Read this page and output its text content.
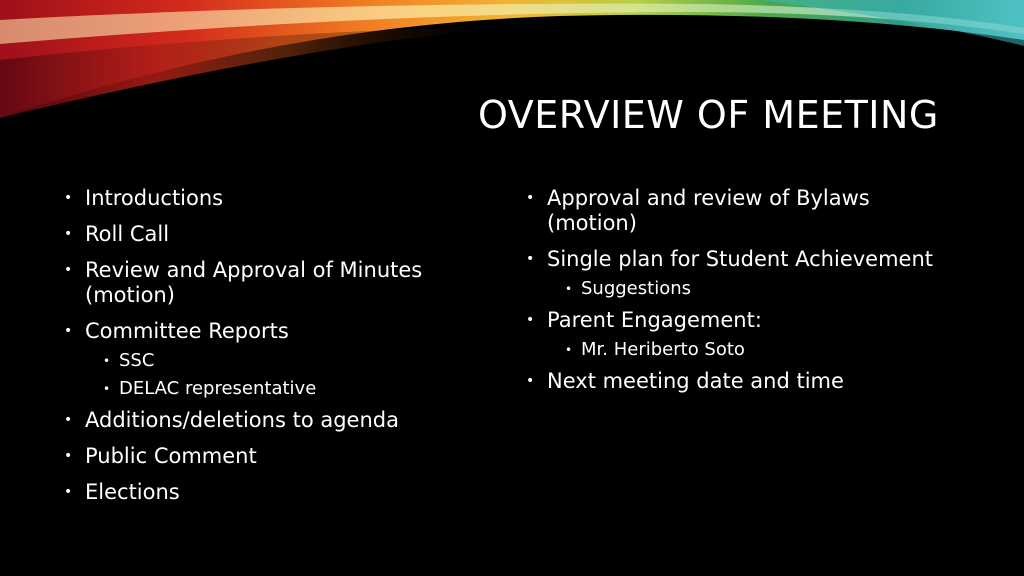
OVERVIEW OF MEETING
• Introductions
• Roll Call
• Review and Approval of Minutes (motion)
• Committee Reports
• SSC
• DELAC representative
• Additions/deletions to agenda
• Public Comment
• Elections
• Approval and review of Bylaws (motion)
• Single plan for Student Achievement
• Suggestions
• Parent Engagement:
• Mr. Heriberto Soto
• Next meeting date and time
